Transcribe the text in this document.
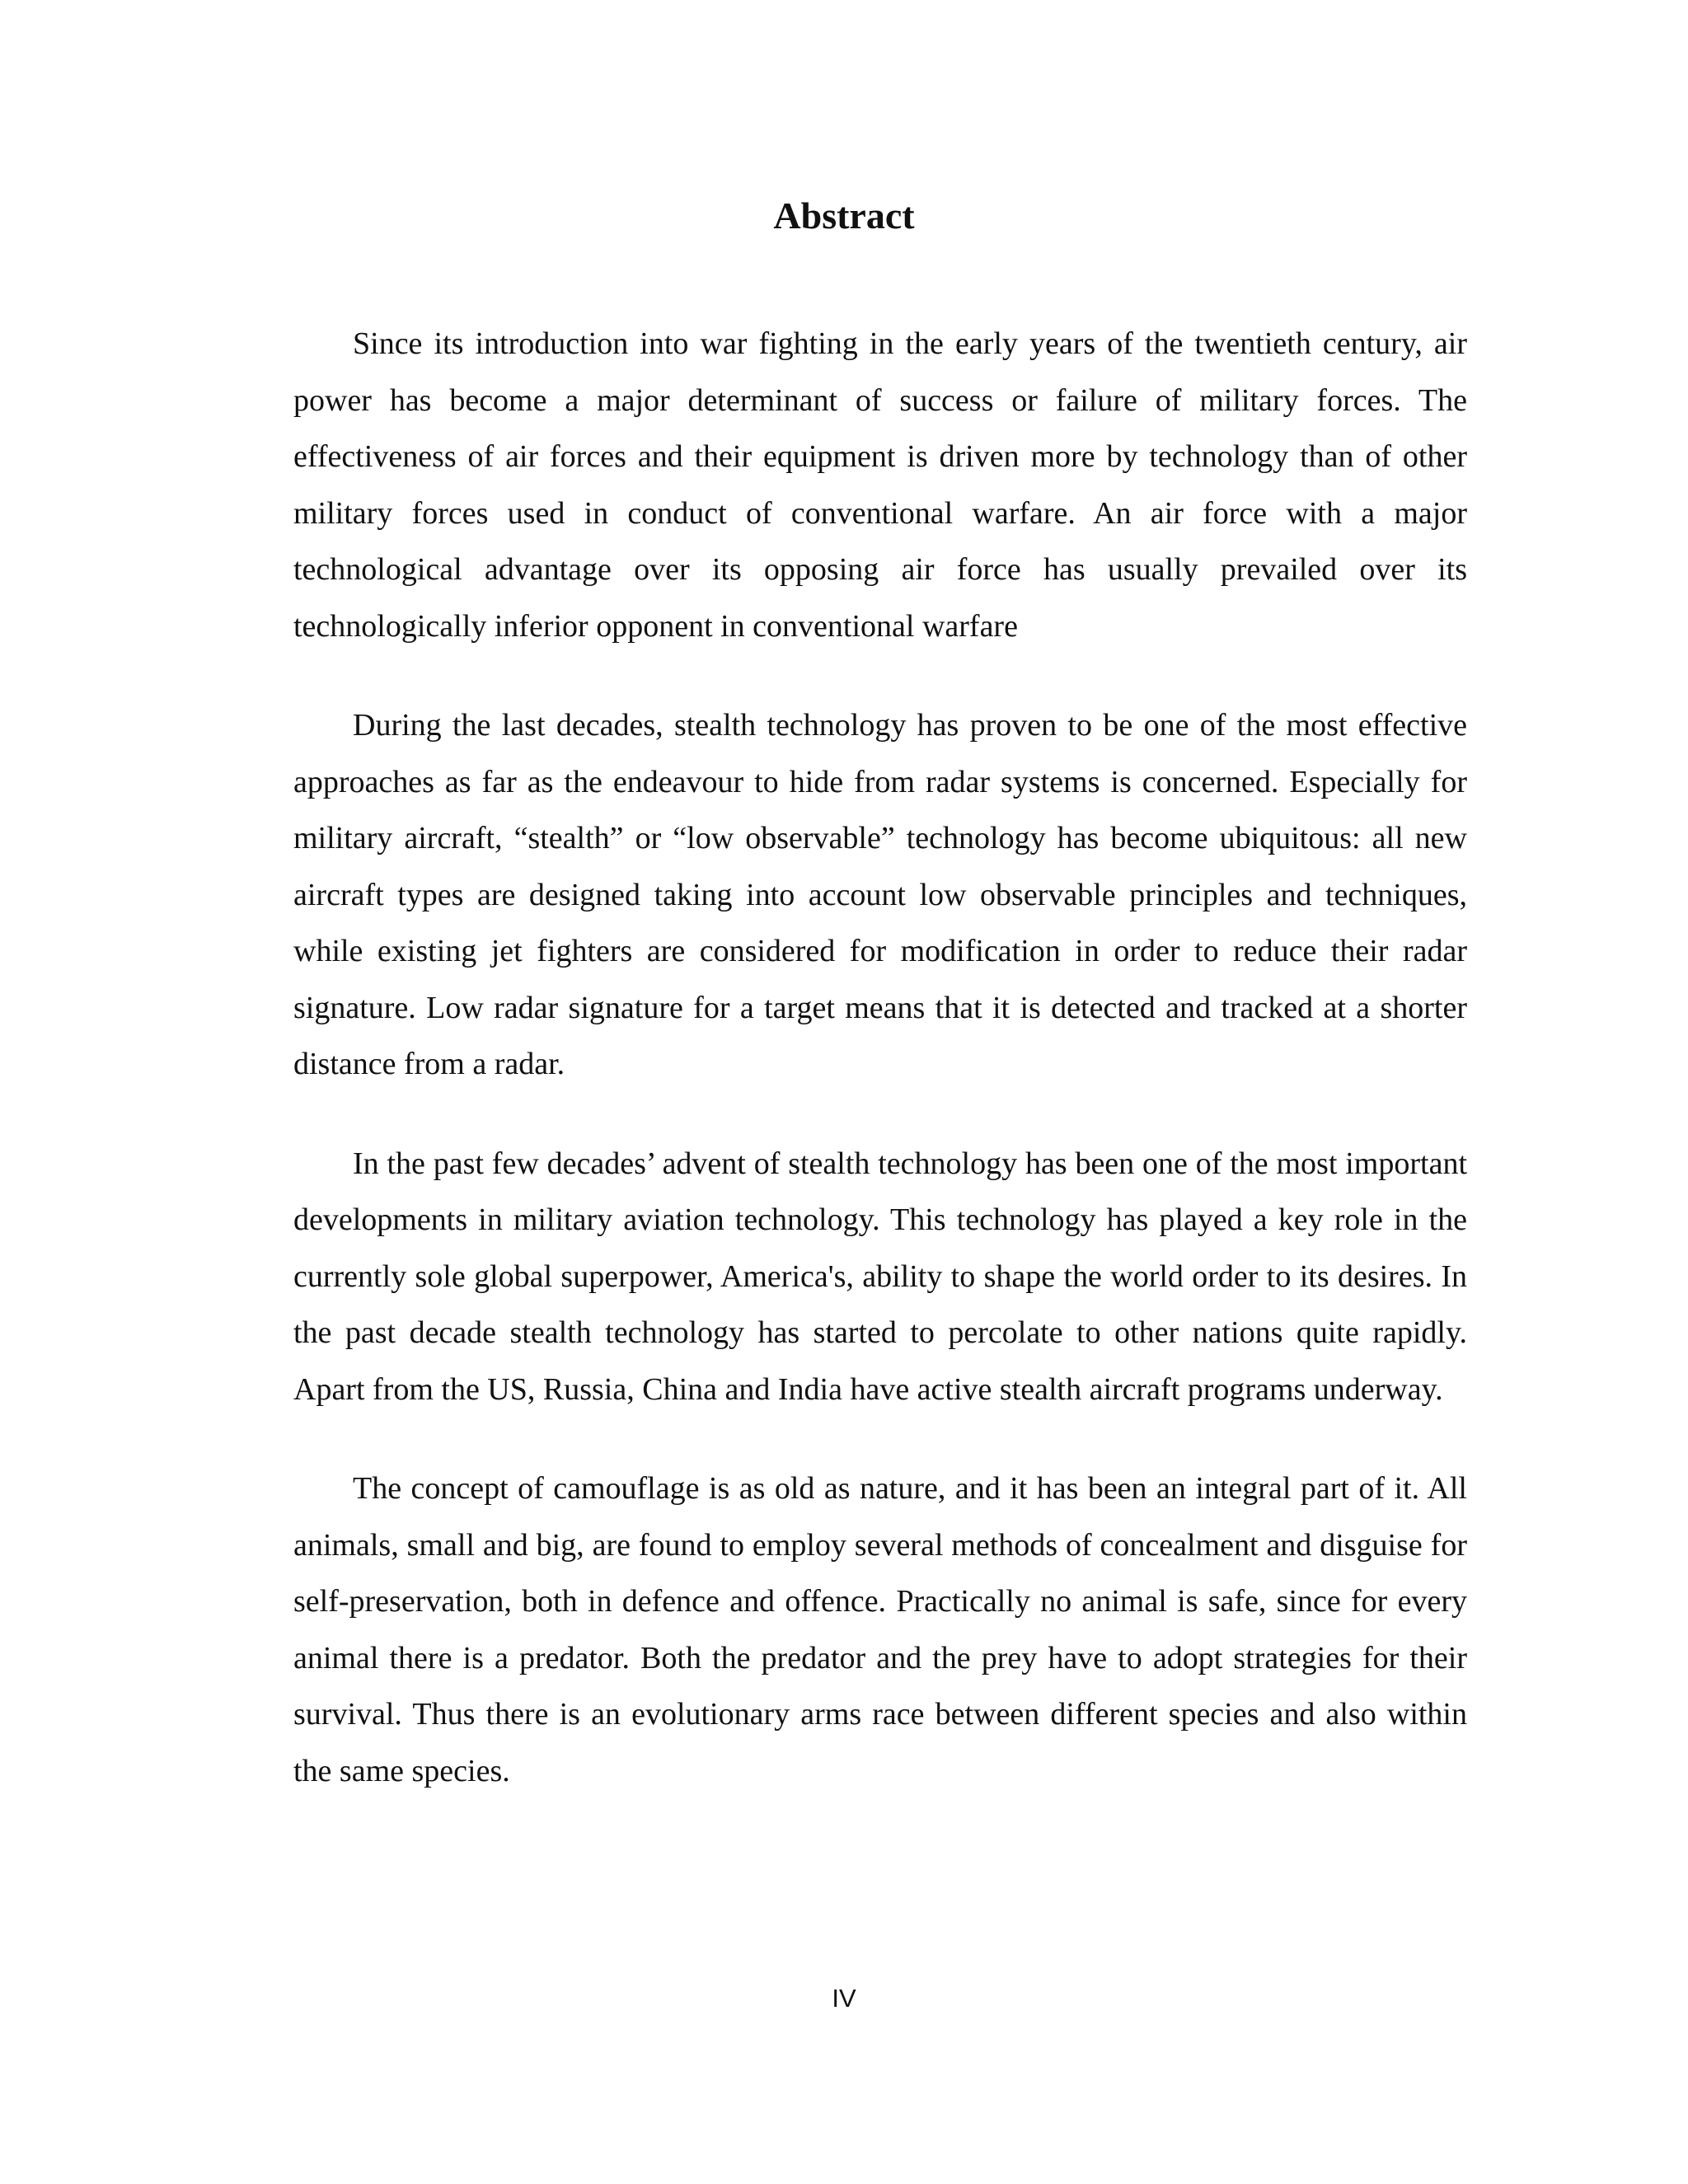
Abstract

Since its introduction into war fighting in the early years of the twentieth century, air power has become a major determinant of success or failure of military forces. The effectiveness of air forces and their equipment is driven more by technology than of other military forces used in conduct of conventional warfare. An air force with a major technological advantage over its opposing air force has usually prevailed over its technologically inferior opponent in conventional warfare

During the last decades, stealth technology has proven to be one of the most effective approaches as far as the endeavour to hide from radar systems is concerned. Especially for military aircraft, “stealth” or “low observable” technology has become ubiquitous: all new aircraft types are designed taking into account low observable principles and techniques, while existing jet fighters are considered for modification in order to reduce their radar signature. Low radar signature for a target means that it is detected and tracked at a shorter distance from a radar.

In the past few decades’ advent of stealth technology has been one of the most important developments in military aviation technology. This technology has played a key role in the currently sole global superpower, America's, ability to shape the world order to its desires. In the past decade stealth technology has started to percolate to other nations quite rapidly. Apart from the US, Russia, China and India have active stealth aircraft programs underway.

The concept of camouflage is as old as nature, and it has been an integral part of it. All animals, small and big, are found to employ several methods of concealment and disguise for self-preservation, both in defence and offence. Practically no animal is safe, since for every animal there is a predator. Both the predator and the prey have to adopt strategies for their survival. Thus there is an evolutionary arms race between different species and also within the same species.

IV
